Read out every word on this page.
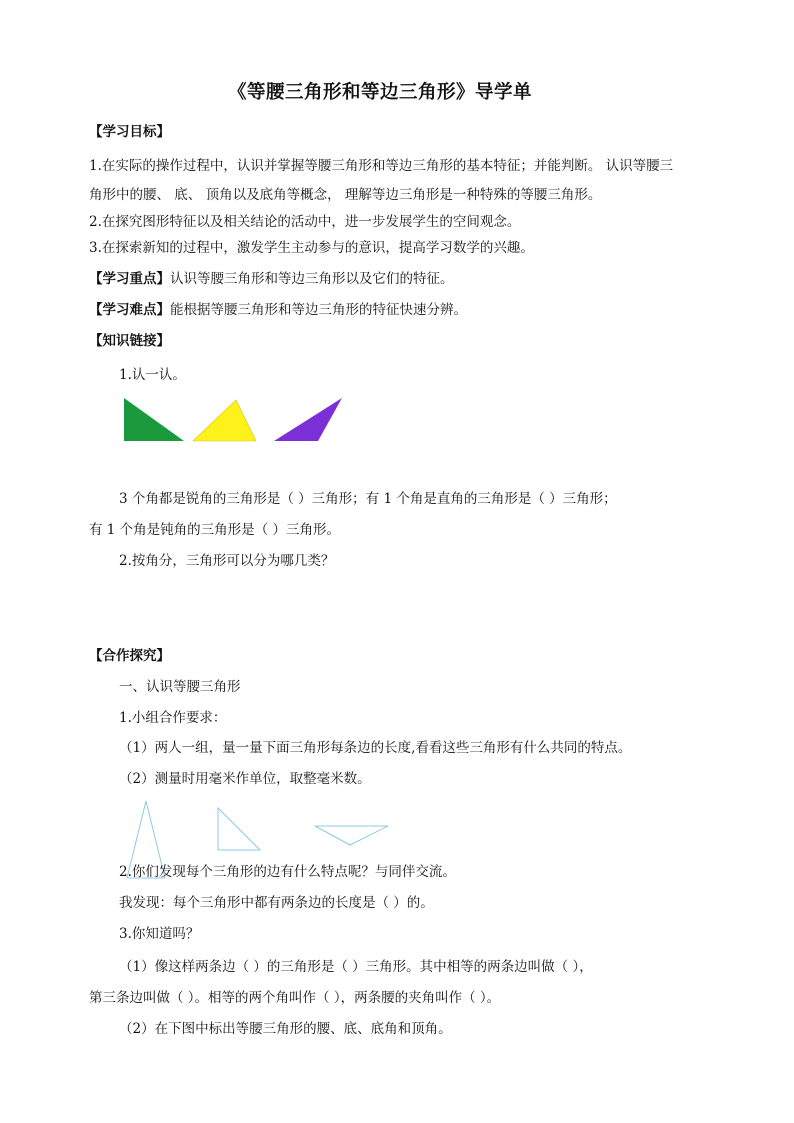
《等腰三角形和等边三角形》导学单
【学习目标】
1.在实际的操作过程中，认识并掌握等腰三角形和等边三角形的基本特征；并能判断。 认识等腰三
角形中的腰、 底、 顶角以及底角等概念， 理解等边三角形是一种特殊的等腰三角形。
2.在探究图形特征以及相关结论的活动中，进一步发展学生的空间观念。
3.在探索新知的过程中，激发学生主动参与的意识，提高学习数学的兴趣。
【学习重点】认识等腰三角形和等边三角形以及它们的特征。
【学习难点】能根据等腰三角形和等边三角形的特征快速分辨。
【知识链接】
1.认一认。
3 个角都是锐角的三角形是（ ）三角形；有 1 个角是直角的三角形是（ ）三角形；
有 1 个角是钝角的三角形是（ ）三角形。
2.按角分，三角形可以分为哪几类？
【合作探究】
一、认识等腰三角形
1.小组合作要求：
（1）两人一组，量一量下面三角形每条边的长度,看看这些三角形有什么共同的特点。
（2）测量时用毫米作单位，取整毫米数。
2.你们发现每个三角形的边有什么特点呢？与同伴交流。
我发现：每个三角形中都有两条边的长度是（ ）的。
3.你知道吗？
（1）像这样两条边（ ）的三角形是（ ）三角形。其中相等的两条边叫做（ ），
第三条边叫做（ ）。相等的两个角叫作（ ），两条腰的夹角叫作（ ）。
（2）在下图中标出等腰三角形的腰、底、底角和顶角。
